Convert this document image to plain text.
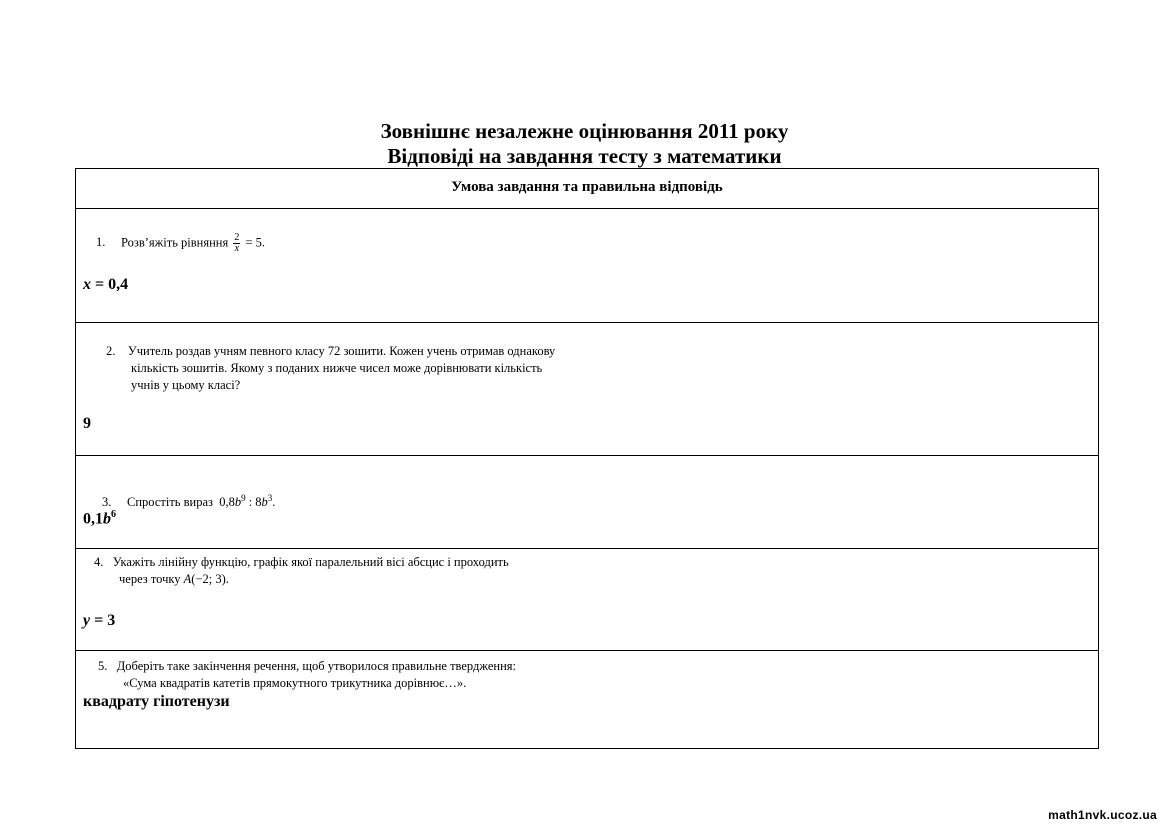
Зовнішнє незалежне оцінювання 2011 року
Відповіді на завдання тесту з математики
Умова завдання та правильна відповідь
1. Розв’яжіть рівняння $\frac{2}{x} = 5$.
x = 0,4
2. Учитель роздав учням певного класу 72 зошити. Кожен учень отримав однакову
кількість зошитів. Якому з поданих нижче чисел може дорівнювати кількість
учнів у цьому класі?
9
3. Спростіть вираз $0,8b^9$ : $8b^3$.
$0,1b^6$
4. Укажіть лінійну функцію, графік якої паралельний вісі абсцис і проходить
через точку A(−2; 3).
y = 3
5. Доберіть таке закінчення речення, щоб утворилося правильне твердження:
«Сума квадратів катетів прямокутного трикутника дорівнює…».
квадрату гіпотенузи
math1nvk.ucoz.ua
